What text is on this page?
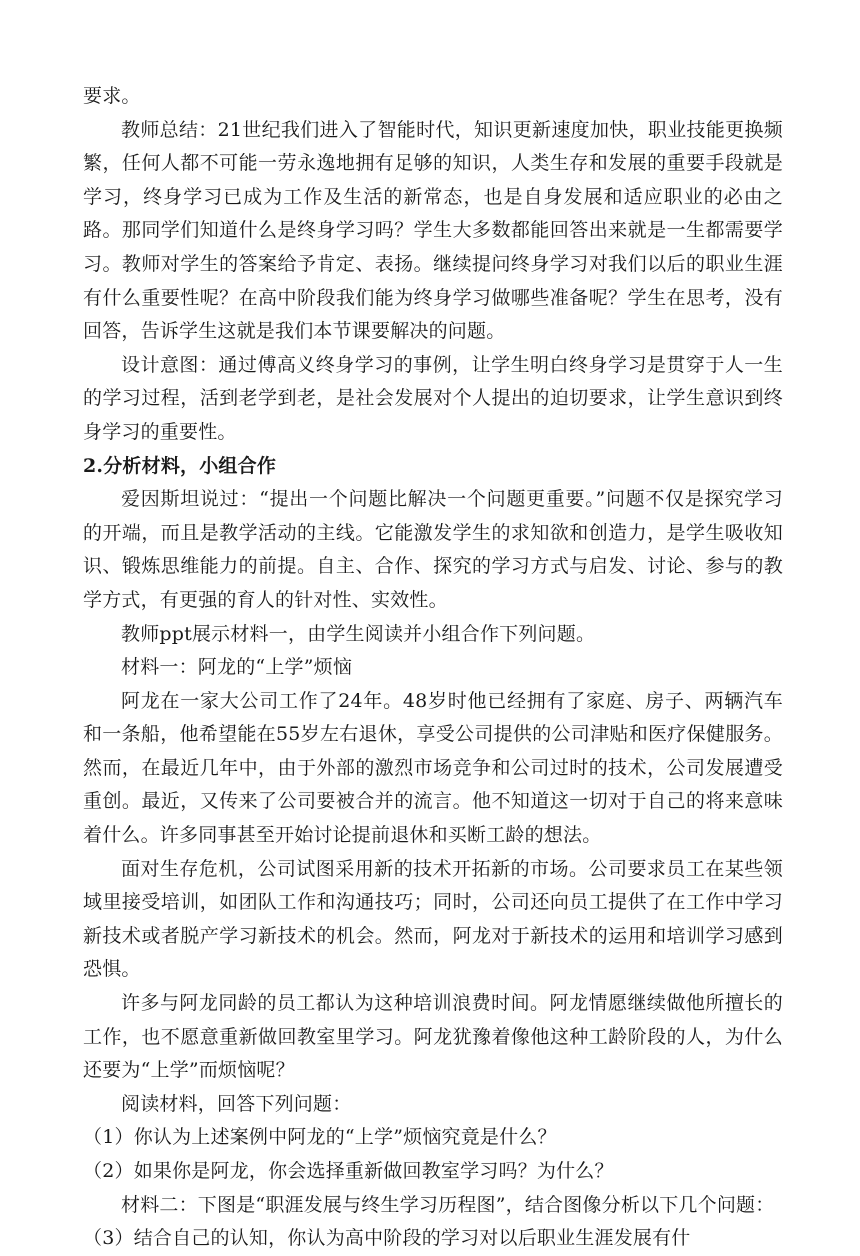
要求。

教师总结：21世纪我们进入了智能时代，知识更新速度加快，职业技能更换频繁，任何人都不可能一劳永逸地拥有足够的知识，人类生存和发展的重要手段就是学习，终身学习已成为工作及生活的新常态，也是自身发展和适应职业的必由之路。那同学们知道什么是终身学习吗？学生大多数都能回答出来就是一生都需要学习。教师对学生的答案给予肯定、表扬。继续提问终身学习对我们以后的职业生涯有什么重要性呢？在高中阶段我们能为终身学习做哪些准备呢？学生在思考，没有回答，告诉学生这就是我们本节课要解决的问题。

设计意图：通过傅高义终身学习的事例，让学生明白终身学习是贯穿于人一生的学习过程，活到老学到老，是社会发展对个人提出的迫切要求，让学生意识到终身学习的重要性。

2.分析材料，小组合作

爱因斯坦说过：“提出一个问题比解决一个问题更重要。”问题不仅是探究学习的开端，而且是教学活动的主线。它能激发学生的求知欲和创造力，是学生吸收知识、锻炼思维能力的前提。自主、合作、探究的学习方式与启发、讨论、参与的教学方式，有更强的育人的针对性、实效性。

教师ppt展示材料一，由学生阅读并小组合作下列问题。

材料一：阿龙的“上学”烦恼

阿龙在一家大公司工作了24年。48岁时他已经拥有了家庭、房子、两辆汽车和一条船，他希望能在55岁左右退休，享受公司提供的公司津贴和医疗保健服务。然而，在最近几年中，由于外部的激烈市场竞争和公司过时的技术，公司发展遭受重创。最近，又传来了公司要被合并的流言。他不知道这一切对于自己的将来意味着什么。许多同事甚至开始讨论提前退休和买断工龄的想法。

面对生存危机，公司试图采用新的技术开拓新的市场。公司要求员工在某些领域里接受培训，如团队工作和沟通技巧；同时，公司还向员工提供了在工作中学习新技术或者脱产学习新技术的机会。然而，阿龙对于新技术的运用和培训学习感到恐惧。

许多与阿龙同龄的员工都认为这种培训浪费时间。阿龙情愿继续做他所擅长的工作，也不愿意重新做回教室里学习。阿龙犹豫着像他这种工龄阶段的人，为什么还要为“上学”而烦恼呢？

阅读材料，回答下列问题：

（1）你认为上述案例中阿龙的“上学”烦恼究竟是什么？

（2）如果你是阿龙，你会选择重新做回教室学习吗？为什么？

材料二：下图是“职涯发展与终生学习历程图”，结合图像分析以下几个问题：

（3）结合自己的认知，你认为高中阶段的学习对以后职业生涯发展有什
